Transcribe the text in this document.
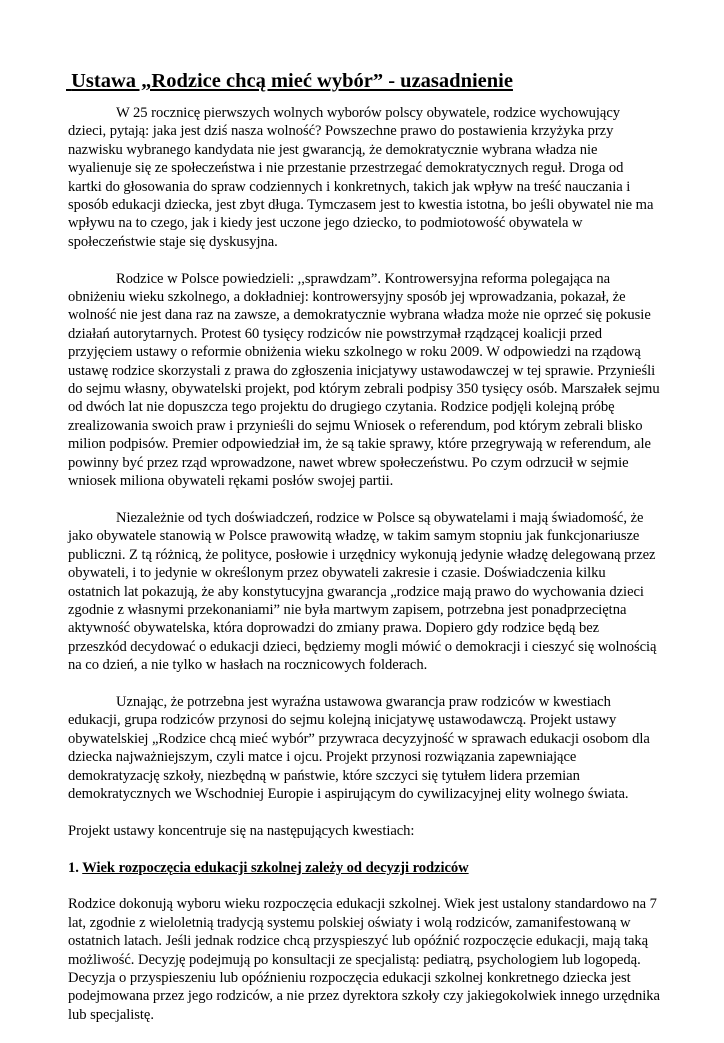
Ustawa „Rodzice chcą mieć wybór” - uzasadnienie

W 25 rocznicę pierwszych wolnych wyborów polscy obywatele, rodzice wychowujący dzieci, pytają: jaka jest dziś nasza wolność? Powszechne prawo do postawienia krzyżyka przy nazwisku wybranego kandydata nie jest gwarancją, że demokratycznie wybrana władza nie wyalienuje się ze społeczeństwa i nie przestanie przestrzegać demokratycznych reguł. Droga od kartki do głosowania do spraw codziennych i konkretnych, takich jak wpływ na treść nauczania i sposób edukacji dziecka, jest zbyt długa. Tymczasem jest to kwestia istotna, bo jeśli obywatel nie ma wpływu na to czego, jak i kiedy jest uczone jego dziecko, to podmiotowość obywatela w społeczeństwie staje się dyskusyjna.

Rodzice w Polsce powiedzieli: ,,sprawdzam”. Kontrowersyjna reforma polegająca na obniżeniu wieku szkolnego, a dokładniej: kontrowersyjny sposób jej wprowadzania, pokazał, że wolność nie jest dana raz na zawsze, a demokratycznie wybrana władza może nie oprzeć się pokusie działań autorytarnych. Protest 60 tysięcy rodziców nie powstrzymał rządzącej koalicji przed przyjęciem ustawy o reformie obniżenia wieku szkolnego w roku 2009. W odpowiedzi na rządową ustawę rodzice skorzystali z prawa do zgłoszenia inicjatywy ustawodawczej w tej sprawie. Przynieśli do sejmu własny, obywatelski projekt, pod którym zebrali podpisy 350 tysięcy osób. Marszałek sejmu od dwóch lat nie dopuszcza tego projektu do drugiego czytania. Rodzice podjęli kolejną próbę zrealizowania swoich praw i przynieśli do sejmu Wniosek o referendum, pod którym zebrali blisko milion podpisów. Premier odpowiedział im, że są takie sprawy, które przegrywają w referendum, ale powinny być przez rząd wprowadzone, nawet wbrew społeczeństwu. Po czym odrzucił w sejmie wniosek miliona obywateli rękami posłów swojej partii.

Niezależnie od tych doświadczeń, rodzice w Polsce są obywatelami i mają świadomość, że jako obywatele stanowią w Polsce prawowitą władzę, w takim samym stopniu jak funkcjonariusze publiczni. Z tą różnicą, że polityce, posłowie i urzędnicy wykonują jedynie władzę delegowaną przez obywateli, i to jedynie w określonym przez obywateli zakresie i czasie. Doświadczenia kilku ostatnich lat pokazują, że aby konstytucyjna gwarancja „rodzice mają prawo do wychowania dzieci zgodnie z własnymi przekonaniami” nie była martwym zapisem, potrzebna jest ponadprzeciętna aktywność obywatelska, która doprowadzi do zmiany prawa. Dopiero gdy rodzice będą bez przeszkód decydować o edukacji dzieci, będziemy mogli mówić o demokracji i cieszyć się wolnością na co dzień, a nie tylko w hasłach na rocznicowych folderach.

Uznając, że potrzebna jest wyraźna ustawowa gwarancja praw rodziców w kwestiach edukacji, grupa rodziców przynosi do sejmu kolejną inicjatywę ustawodawczą. Projekt ustawy obywatelskiej „Rodzice chcą mieć wybór” przywraca decyzyjność w sprawach edukacji osobom dla dziecka najważniejszym, czyli matce i ojcu. Projekt przynosi rozwiązania zapewniające demokratyzację szkoły, niezbędną w państwie, które szczyci się tytułem lidera przemian demokratycznych we Wschodniej Europie i aspirującym do cywilizacyjnej elity wolnego świata.

Projekt ustawy koncentruje się na następujących kwestiach:

1. Wiek rozpoczęcia edukacji szkolnej zależy od decyzji rodziców

Rodzice dokonują wyboru wieku rozpoczęcia edukacji szkolnej. Wiek jest ustalony standardowo na 7 lat, zgodnie z wieloletnią tradycją systemu polskiej oświaty i wolą rodziców, zamanifestowaną w ostatnich latach. Jeśli jednak rodzice chcą przyspieszyć lub opóźnić rozpoczęcie edukacji, mają taką możliwość. Decyzję podejmują po konsultacji ze specjalistą: pediatrą, psychologiem lub logopedą. Decyzja o przyspieszeniu lub opóźnieniu rozpoczęcia edukacji szkolnej konkretnego dziecka jest podejmowana przez jego rodziców, a nie przez dyrektora szkoły czy jakiegokolwiek innego urzędnika lub specjalistę.
